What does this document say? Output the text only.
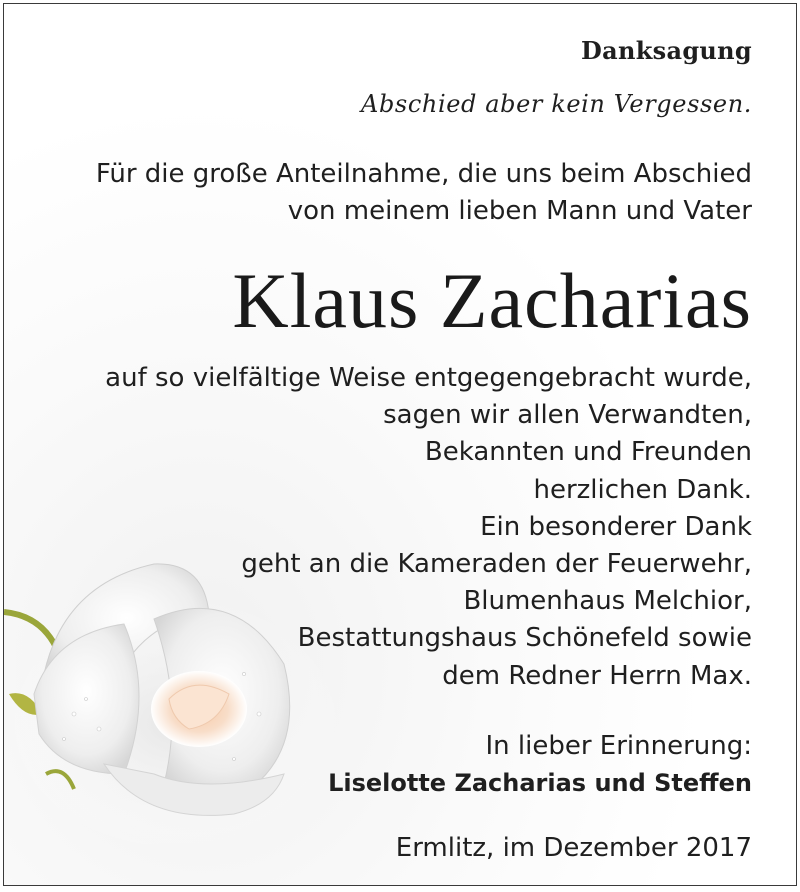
Danksagung
Abschied aber kein Vergessen.
Für die große Anteilnahme, die uns beim Abschied
von meinem lieben Mann und Vater
Klaus Zacharias
auf so vielfältige Weise entgegengebracht wurde,
sagen wir allen Verwandten,
Bekannten und Freunden
herzlichen Dank.
Ein besonderer Dank
geht an die Kameraden der Feuerwehr,
Blumenhaus Melchior,
Bestattungshaus Schönefeld sowie
dem Redner Herrn Max.
In lieber Erinnerung:
Liselotte Zacharias und Steffen
Ermlitz, im Dezember 2017
